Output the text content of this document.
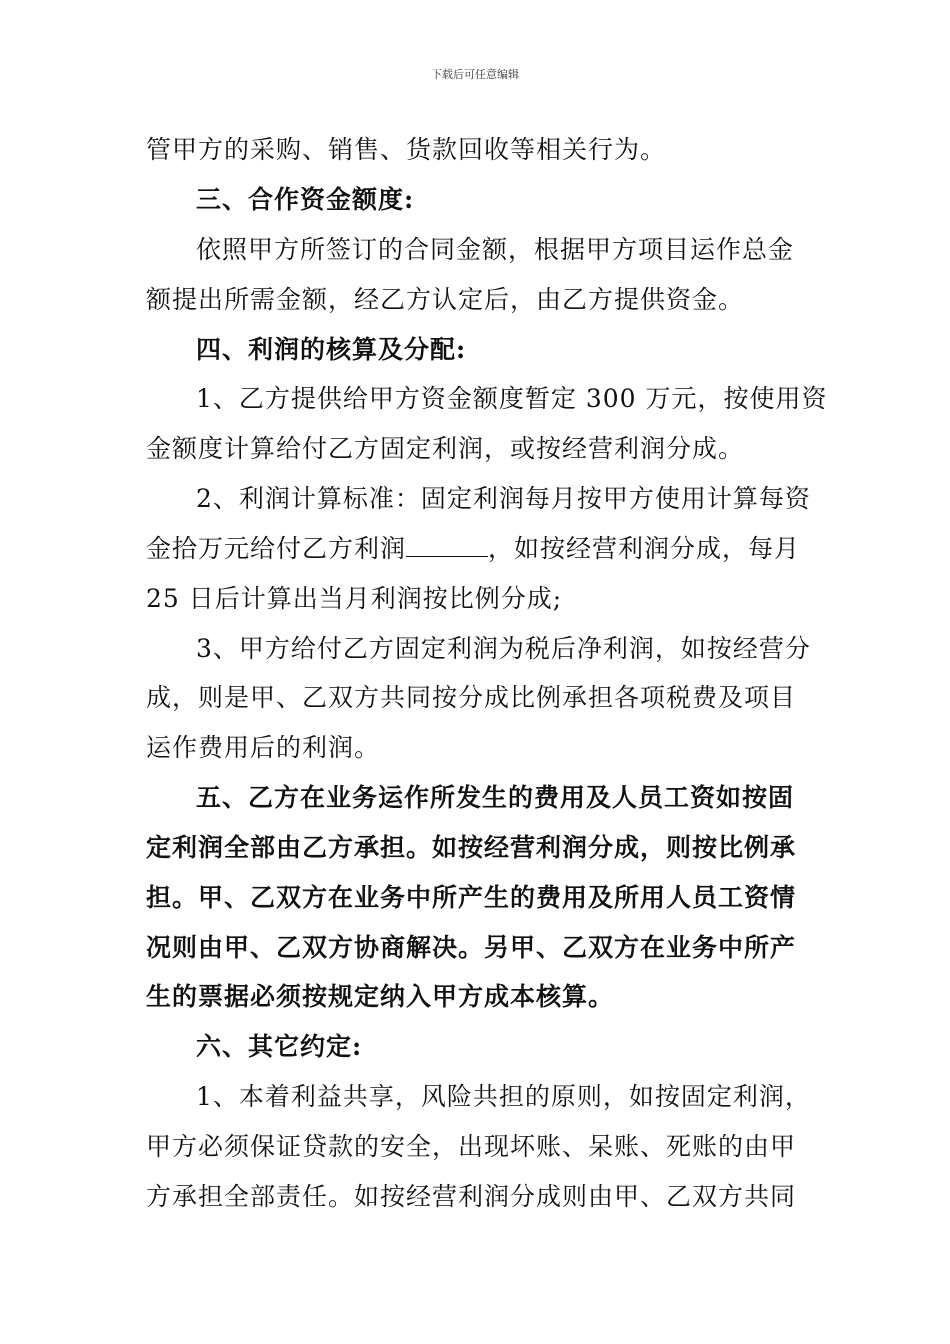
下载后可任意编辑
管甲方的采购、销售、货款回收等相关行为。
三、合作资金额度:
依照甲方所签订的合同金额，根据甲方项目运作总金
额提出所需金额，经乙方认定后，由乙方提供资金。
四、利润的核算及分配:
1、乙方提供给甲方资金额度暂定 300 万元，按使用资
金额度计算给付乙方固定利润，或按经营利润分成。
2、利润计算标准：固定利润每月按甲方使用计算每资
金拾万元给付乙方利润	，如按经营利润分成，每月
25 日后计算出当月利润按比例分成;
3、甲方给付乙方固定利润为税后净利润，如按经营分
成，则是甲、乙双方共同按分成比例承担各项税费及项目
运作费用后的利润。
五、乙方在业务运作所发生的费用及人员工资如按固
定利润全部由乙方承担。如按经营利润分成，则按比例承
担。甲、乙双方在业务中所产生的费用及所用人员工资情
况则由甲、乙双方协商解决。另甲、乙双方在业务中所产
生的票据必须按规定纳入甲方成本核算。
六、其它约定:
1、本着利益共享，风险共担的原则，如按固定利润，
甲方必须保证贷款的安全，出现坏账、呆账、死账的由甲
方承担全部责任。如按经营利润分成则由甲、乙双方共同
